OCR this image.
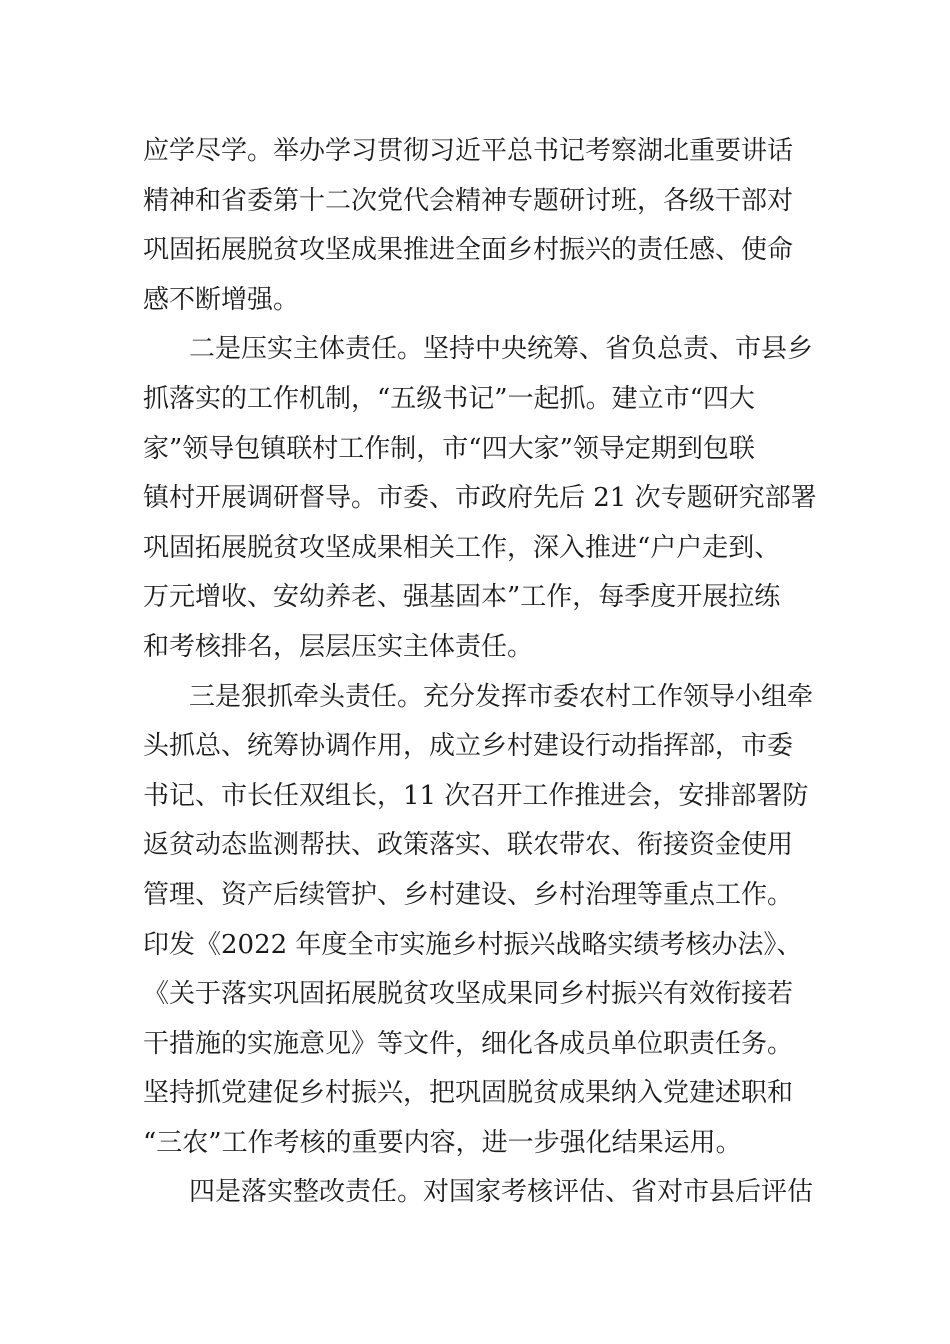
应学尽学。举办学习贯彻习近平总书记考察湖北重要讲话
精神和省委第十二次党代会精神专题研讨班，各级干部对
巩固拓展脱贫攻坚成果推进全面乡村振兴的责任感、使命
感不断增强。
二是压实主体责任。坚持中央统筹、省负总责、市县乡
抓落实的工作机制，“五级书记”一起抓。建立市“四大
家”领导包镇联村工作制，市“四大家”领导定期到包联
镇村开展调研督导。市委、市政府先后 21 次专题研究部署
巩固拓展脱贫攻坚成果相关工作，深入推进“户户走到、
万元增收、安幼养老、强基固本”工作，每季度开展拉练
和考核排名，层层压实主体责任。
三是狠抓牵头责任。充分发挥市委农村工作领导小组牵
头抓总、统筹协调作用，成立乡村建设行动指挥部，市委
书记、市长任双组长，11 次召开工作推进会，安排部署防
返贫动态监测帮扶、政策落实、联农带农、衔接资金使用
管理、资产后续管护、乡村建设、乡村治理等重点工作。
印发《2022 年度全市实施乡村振兴战略实绩考核办法》、
《关于落实巩固拓展脱贫攻坚成果同乡村振兴有效衔接若
干措施的实施意见》等文件，细化各成员单位职责任务。
坚持抓党建促乡村振兴，把巩固脱贫成果纳入党建述职和
“三农”工作考核的重要内容，进一步强化结果运用。
四是落实整改责任。对国家考核评估、省对市县后评估
